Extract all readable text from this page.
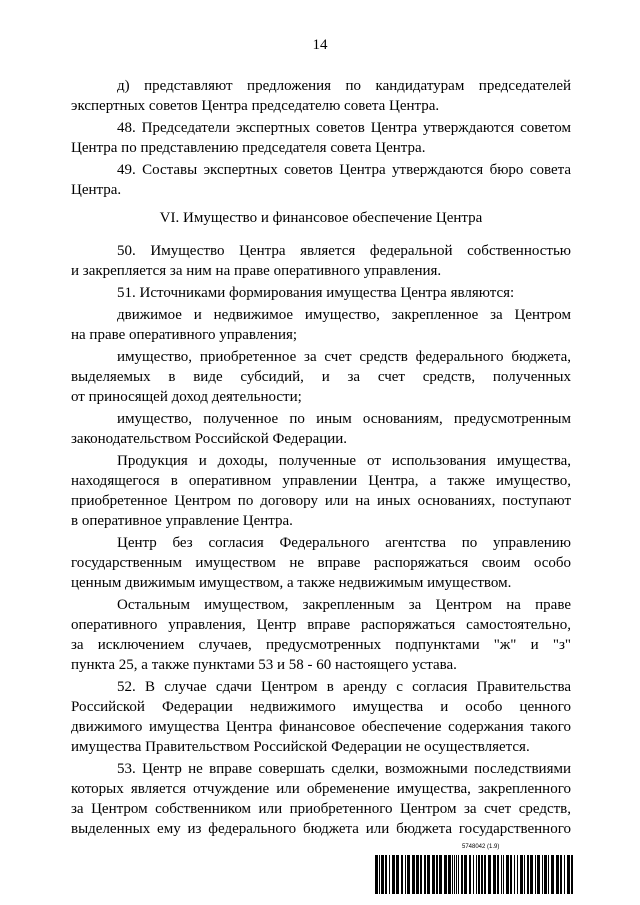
14
д) представляют предложения по кандидатурам председателей
экспертных советов Центра председателю совета Центра.
48. Председатели экспертных советов Центра утверждаются советом
Центра по представлению председателя совета Центра.
49. Составы экспертных советов Центра утверждаются бюро совета
Центра.
VI. Имущество и финансовое обеспечение Центра
50. Имущество Центра является федеральной собственностью
и закрепляется за ним на праве оперативного управления.
51. Источниками формирования имущества Центра являются:
движимое и недвижимое имущество, закрепленное за Центром
на праве оперативного управления;
имущество, приобретенное за счет средств федерального бюджета,
выделяемых в виде субсидий, и за счет средств, полученных
от приносящей доход деятельности;
имущество, полученное по иным основаниям, предусмотренным
законодательством Российской Федерации.
Продукция и доходы, полученные от использования имущества,
находящегося в оперативном управлении Центра, а также имущество,
приобретенное Центром по договору или на иных основаниях, поступают
в оперативное управление Центра.
Центр без согласия Федерального агентства по управлению
государственным имуществом не вправе распоряжаться своим особо
ценным движимым имуществом, а также недвижимым имуществом.
Остальным имуществом, закрепленным за Центром на праве
оперативного управления, Центр вправе распоряжаться самостоятельно,
за исключением случаев, предусмотренных подпунктами "ж" и "з"
пункта 25, а также пунктами 53 и 58 - 60 настоящего устава.
52. В случае сдачи Центром в аренду с согласия Правительства
Российской Федерации недвижимого имущества и особо ценного
движимого имущества Центра финансовое обеспечение содержания такого
имущества Правительством Российской Федерации не осуществляется.
53. Центр не вправе совершать сделки, возможными последствиями
которых является отчуждение или обременение имущества, закрепленного
за Центром собственником или приобретенного Центром за счет средств,
выделенных ему из федерального бюджета или бюджета государственного
5748042 (1.9)
